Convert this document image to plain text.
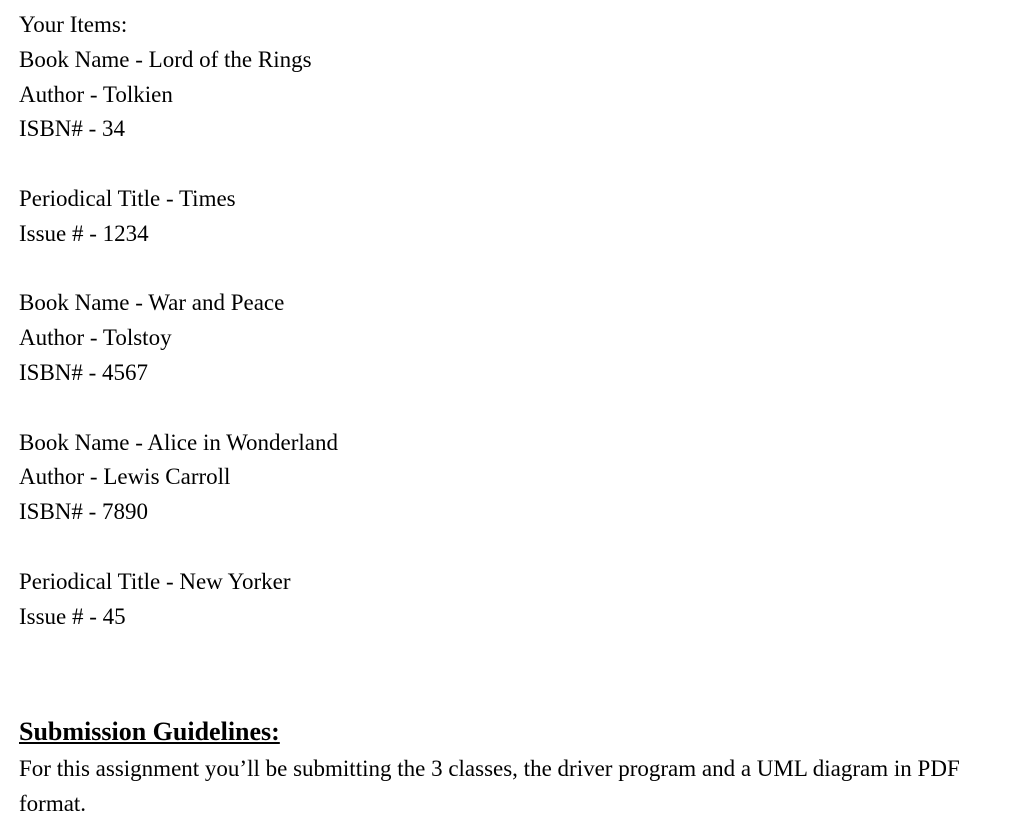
Your Items:
Book Name - Lord of the Rings
Author - Tolkien
ISBN# - 34
Periodical Title - Times
Issue # - 1234
Book Name - War and Peace
Author - Tolstoy
ISBN# - 4567
Book Name - Alice in Wonderland
Author - Lewis Carroll
ISBN# - 7890
Periodical Title - New Yorker
Issue # - 45
Submission Guidelines:
For this assignment you’ll be submitting the 3 classes, the driver program and a UML diagram in PDF format.
